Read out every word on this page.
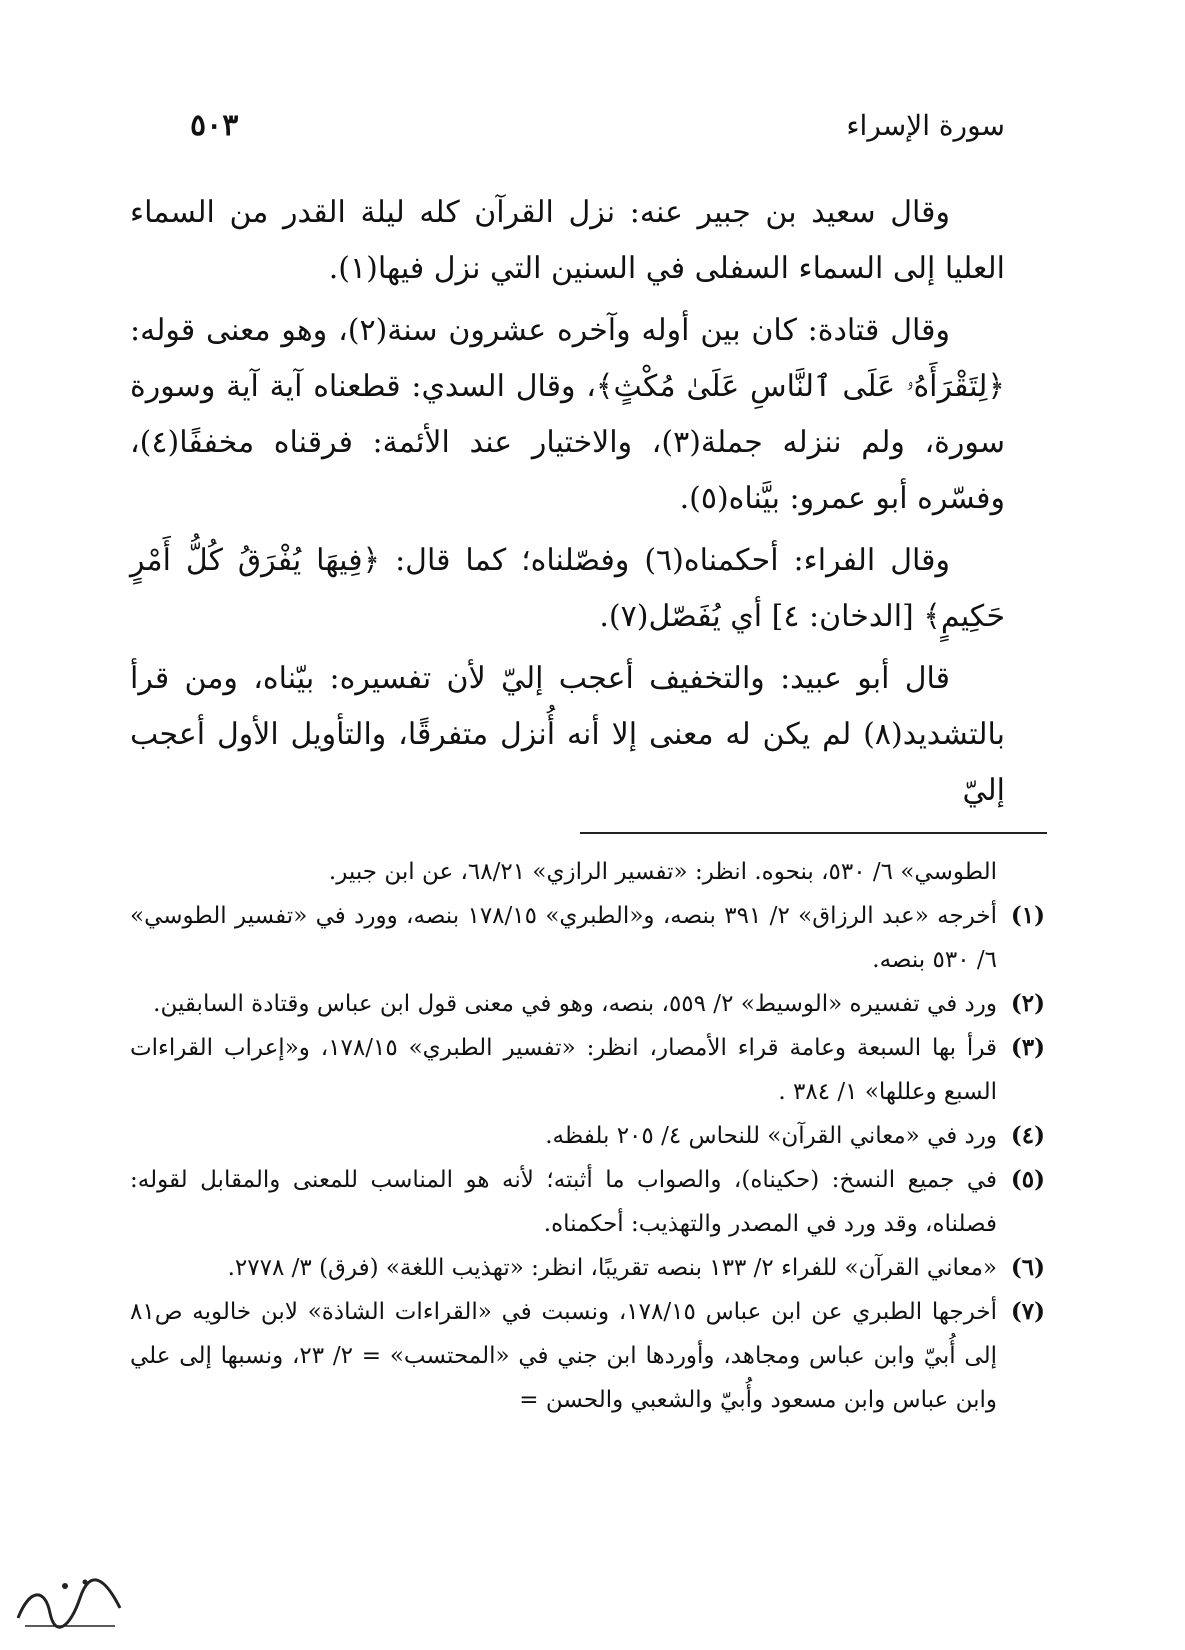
سورة الإسراء
٥٠٣

وقال سعيد بن جبير عنه: نزل القرآن كله ليلة القدر من السماء العليا إلى السماء السفلى في السنين التي نزل فيها(١).

وقال قتادة: كان بين أوله وآخره عشرون سنة(٢)، وهو معنى قوله: ﴿لِتَقْرَأَهُۥ عَلَى ٱلنَّاسِ عَلَىٰ مُكْثٍ﴾، وقال السدي: قطعناه آية آية وسورة سورة، ولم ننزله جملة(٣)، والاختيار عند الأئمة: فرقناه مخففًا(٤)، وفسّره أبو عمرو: بيَّناه(٥).

وقال الفراء: أحكمناه(٦) وفصّلناه؛ كما قال: ﴿فِيهَا يُفْرَقُ كُلُّ أَمْرٍ حَكِيمٍ﴾ [الدخان: ٤] أي يُفَصّل(٧).

قال أبو عبيد: والتخفيف أعجب إليّ لأن تفسيره: بيّناه، ومن قرأ بالتشديد(٨) لم يكن له معنى إلا أنه أُنزل متفرقًا، والتأويل الأول أعجب إليّ

الطوسي» ٦/ ٥٣٠، بنحوه. انظر: «تفسير الرازي» ٦٨/٢١، عن ابن جبير.
(١)
أخرجه «عبد الرزاق» ٢/ ٣٩١ بنصه، و«الطبري» ١٧٨/١٥ بنصه، وورد في «تفسير الطوسي» ٦/ ٥٣٠ بنصه.
(٢)
ورد في تفسيره «الوسيط» ٢/ ٥٥٩، بنصه، وهو في معنى قول ابن عباس وقتادة السابقين.
(٣)
قرأ بها السبعة وعامة قراء الأمصار، انظر: «تفسير الطبري» ١٧٨/١٥، و«إعراب القراءات السبع وعللها» ١/ ٣٨٤ .
(٤)
ورد في «معاني القرآن» للنحاس ٤/ ٢٠٥ بلفظه.
(٥)
في جميع النسخ: (حكيناه)، والصواب ما أثبته؛ لأنه هو المناسب للمعنى والمقابل لقوله: فصلناه، وقد ورد في المصدر والتهذيب: أحكمناه.
(٦)
«معاني القرآن» للفراء ٢/ ١٣٣ بنصه تقريبًا، انظر: «تهذيب اللغة» (فرق) ٣/ ٢٧٧٨.
(٧)
أخرجها الطبري عن ابن عباس ١٧٨/١٥، ونسبت في «القراءات الشاذة» لابن خالويه ص٨١ إلى أُبيّ وابن عباس ومجاهد، وأوردها ابن جني في «المحتسب» = ٢/ ٢٣، ونسبها إلى علي وابن عباس وابن مسعود وأُبيّ والشعبي والحسن =
